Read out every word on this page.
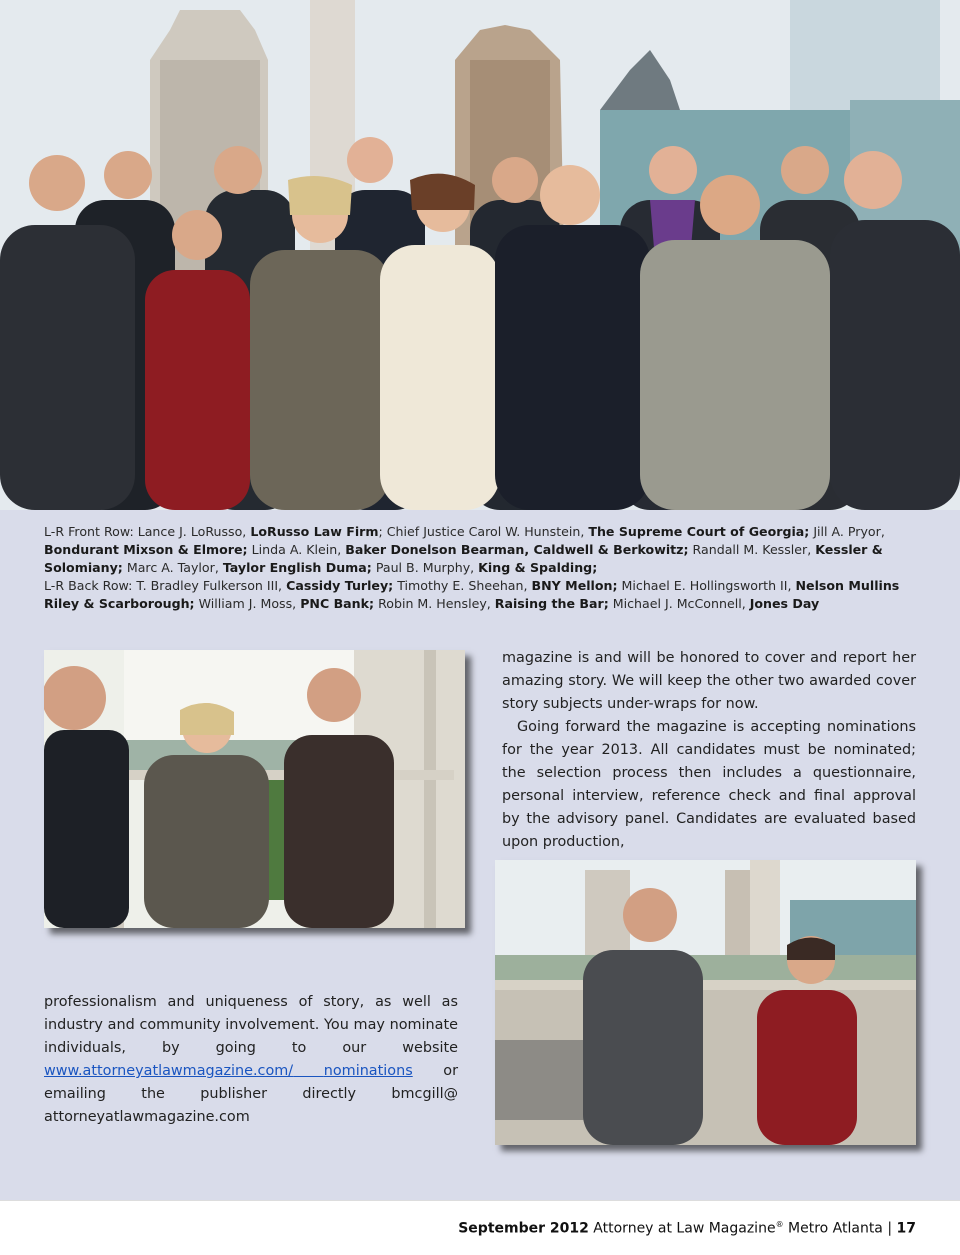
L-R Front Row: Lance J. LoRusso, LoRusso Law Firm; Chief Justice Carol W. Hunstein, The Supreme Court of Georgia; Jill A. Pryor, Bondurant Mixson & Elmore; Linda A. Klein, Baker Donelson Bearman, Caldwell & Berkowitz; Randall M. Kessler, Kessler & Solomiany; Marc A. Taylor, Taylor English Duma; Paul B. Murphy, King & Spalding;
L-R Back Row: T. Bradley Fulkerson III, Cassidy Turley; Timothy E. Sheehan, BNY Mellon; Michael E. Hollingsworth II, Nelson Mullins Riley & Scarborough; William J. Moss, PNC Bank; Robin M. Hensley, Raising the Bar; Michael J. McConnell, Jones Day

magazine is and will be honored to cover and report her amazing story. We will keep the other two awarded cover story subjects under-wraps for now.

Going forward the magazine is accepting nominations for the year 2013. All candidates must be nominated; the selection process then includes a questionnaire, personal interview, reference check and final approval by the advisory panel. Candidates are evaluated based upon production,

professionalism and uniqueness of story, as well as industry and community involvement. You may nominate individuals, by going to our website www.attorneyatlawmagazine.com/ nominations or emailing the publisher directly bmcgill@ attorneyatlawmagazine.com

September 2012 Attorney at Law Magazine® Metro Atlanta | 17
